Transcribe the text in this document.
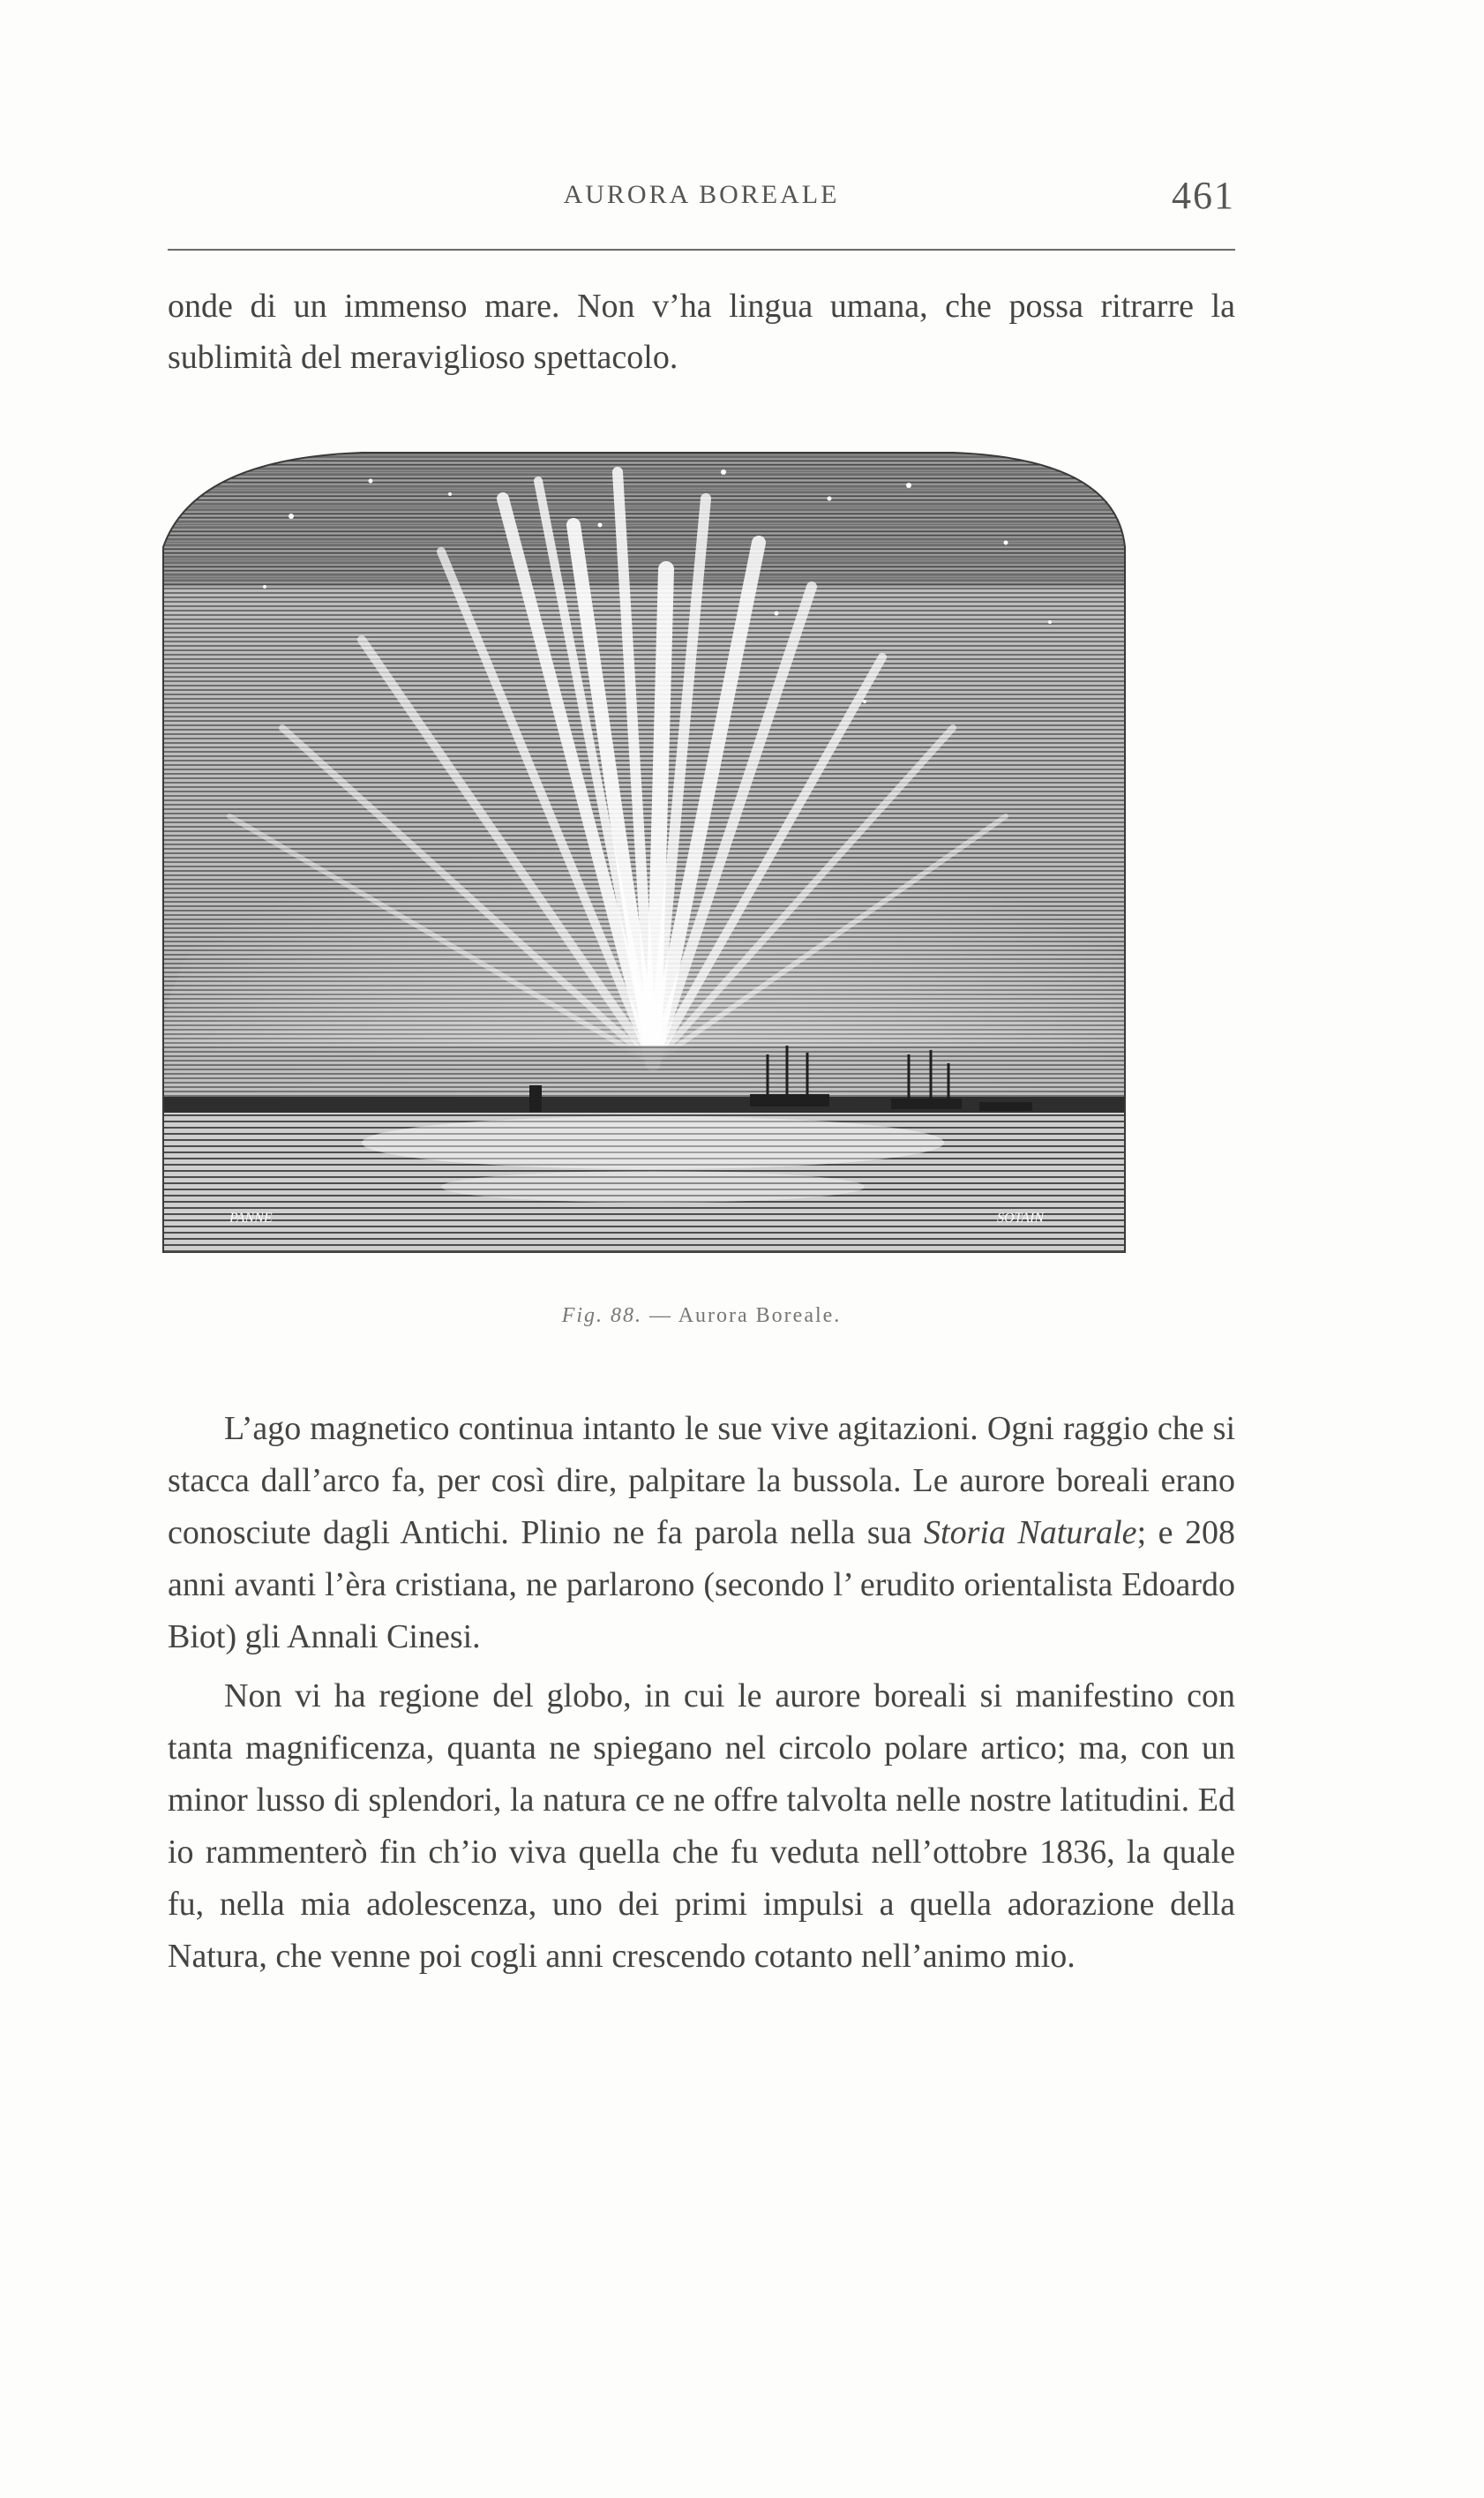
AURORA BOREALE	461

onde di un immenso mare. Non v’ha lingua umana, che possa ritrarre la sublimità del meraviglioso spettacolo.

PANNE	SOTAIN
Fig. 88. — Aurora Boreale.

L’ago magnetico continua intanto le sue vive agitazioni. Ogni raggio che si stacca dall’arco fa, per così dire, palpitare la bussola. Le aurore boreali erano conosciute dagli Antichi. Plinio ne fa parola nella sua Storia Naturale; e 208 anni avanti l’èra cristiana, ne parlarono (secondo l’ erudito orientalista Edoardo Biot) gli Annali Cinesi.

Non vi ha regione del globo, in cui le aurore boreali si manifestino con tanta magnificenza, quanta ne spiegano nel circolo polare artico; ma, con un minor lusso di splendori, la natura ce ne offre talvolta nelle nostre latitudini. Ed io rammenterò fin ch’io viva quella che fu veduta nell’ottobre 1836, la quale fu, nella mia adolescenza, uno dei primi impulsi a quella adorazione della Natura, che venne poi cogli anni crescendo cotanto nell’animo mio.
